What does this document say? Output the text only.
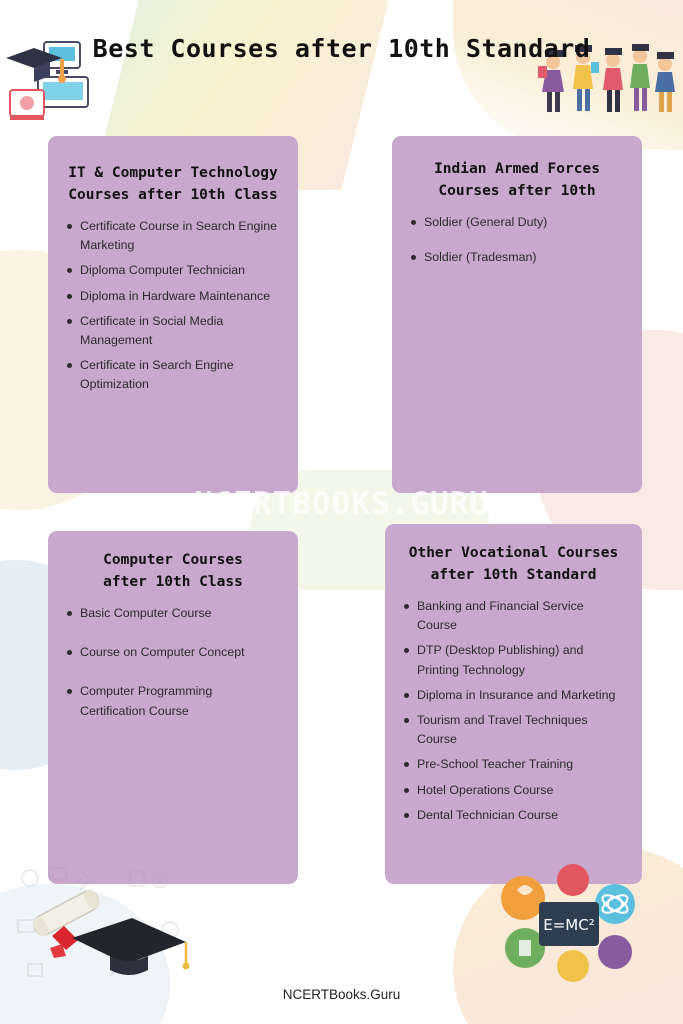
Best Courses after 10th Standard
IT & Computer Technology
Courses after 10th Class
Certificate Course in Search Engine Marketing
Diploma Computer Technician
Diploma in Hardware Maintenance
Certificate in Social Media Management
Certificate in Search Engine Optimization
Indian Armed Forces
Courses after 10th
Soldier (General Duty)
Soldier (Tradesman)
NCERTBOOKS.GURU
Computer Courses
after 10th Class
Basic Computer Course
Course on Computer Concept
Computer Programming Certification Course
Other Vocational Courses
after 10th Standard
Banking and Financial Service Course
DTP (Desktop Publishing) and Printing Technology
Diploma in Insurance and Marketing
Tourism and Travel Techniques Course
Pre-School Teacher Training
Hotel Operations Course
Dental Technician Course
E=MC²
NCERTBooks.Guru
